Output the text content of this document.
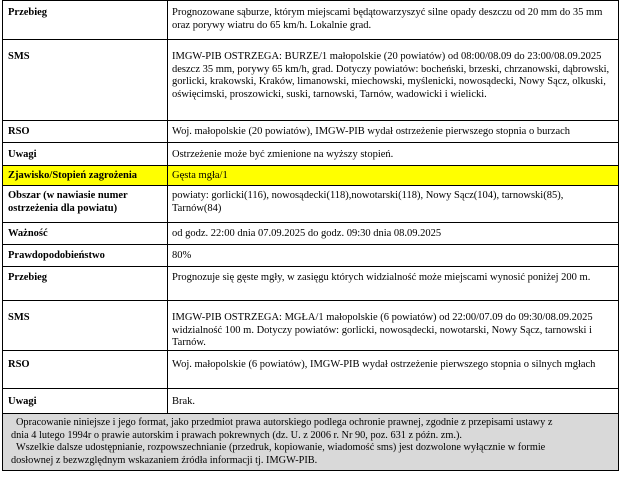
Przebieg	Prognozowane sąburze, którym miejscami będątowarzyszyć silne opady deszczu od 20 mm do 35 mm oraz porywy wiatru do 65 km/h. Lokalnie grad.
SMS	IMGW-PIB OSTRZEGA: BURZE/1 małopolskie (20 powiatów) od 08:00/08.09 do 23:00/08.09.2025 deszcz 35 mm, porywy 65 km/h, grad. Dotyczy powiatów: bocheński, brzeski, chrzanowski, dąbrowski, gorlicki, krakowski, Kraków, limanowski, miechowski, myślenicki, nowosądecki, Nowy Sącz, olkuski, oświęcimski, proszowicki, suski, tarnowski, Tarnów, wadowicki i wielicki.
RSO	Woj. małopolskie (20 powiatów), IMGW-PIB wydał ostrzeżenie pierwszego stopnia o burzach
Uwagi	Ostrzeżenie może być zmienione na wyższy stopień.
Zjawisko/Stopień zagrożenia	Gęsta mgła/1
Obszar (w nawiasie numer ostrzeżenia dla powiatu)	powiaty: gorlicki(116), nowosądecki(118),nowotarski(118), Nowy Sącz(104), tarnowski(85), Tarnów(84)
Ważność	od godz. 22:00 dnia 07.09.2025 do godz. 09:30 dnia 08.09.2025
Prawdopodobieństwo	80%
Przebieg	Prognozuje się gęste mgły, w zasięgu których widzialność może miejscami wynosić poniżej 200 m.
SMS	IMGW-PIB OSTRZEGA: MGŁA/1 małopolskie (6 powiatów) od 22:00/07.09 do 09:30/08.09.2025 widzialność 100 m. Dotyczy powiatów: gorlicki, nowosądecki, nowotarski, Nowy Sącz, tarnowski i Tarnów.
RSO	Woj. małopolskie (6 powiatów), IMGW-PIB wydał ostrzeżenie pierwszego stopnia o silnych mgłach
Uwagi	Brak.

Opracowanie niniejsze i jego format, jako przedmiot prawa autorskiego podlega ochronie prawnej, zgodnie z przepisami ustawy z
dnia 4 lutego 1994r o prawie autorskim i prawach pokrewnych (dz. U. z 2006 r. Nr 90, poz. 631 z późn. zm.).
Wszelkie dalsze udostępnianie, rozpowszechnianie (przedruk, kopiowanie, wiadomość sms) jest dozwolone wyłącznie w formie
dosłownej z bezwzględnym wskazaniem źródła informacji tj. IMGW-PIB.	
